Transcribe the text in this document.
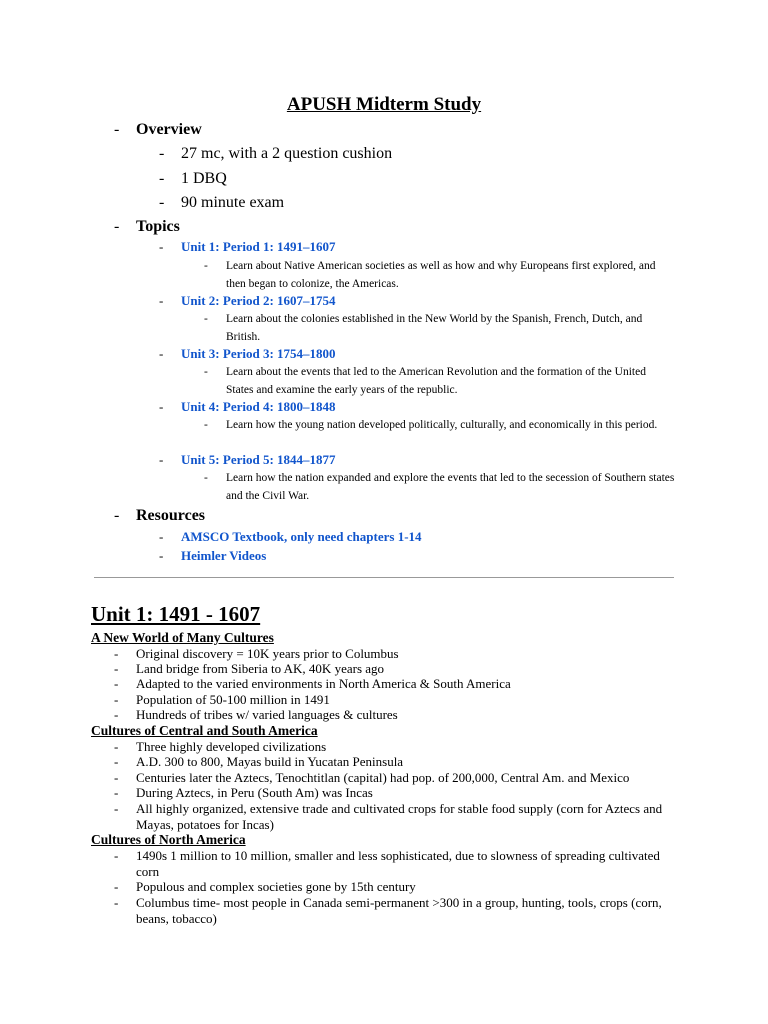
APUSH Midterm Study
- Overview
- 27 mc, with a 2 question cushion
- 1 DBQ
- 90 minute exam
- Topics
- Unit 1: Period 1: 1491–1607
- Learn about Native American societies as well as how and why Europeans first explored, and then began to colonize, the Americas.
- Unit 2: Period 2: 1607–1754
- Learn about the colonies established in the New World by the Spanish, French, Dutch, and British.
- Unit 3: Period 3: 1754–1800
- Learn about the events that led to the American Revolution and the formation of the United States and examine the early years of the republic.
- Unit 4: Period 4: 1800–1848
- Learn how the young nation developed politically, culturally, and economically in this period.
- Unit 5: Period 5: 1844–1877
- Learn how the nation expanded and explore the events that led to the secession of Southern states and the Civil War.
- Resources
- AMSCO Textbook, only need chapters 1-14
- Heimler Videos
Unit 1: 1491 - 1607
A New World of Many Cultures
- Original discovery = 10K years prior to Columbus
- Land bridge from Siberia to AK, 40K years ago
- Adapted to the varied environments in North America & South America
- Population of 50-100 million in 1491
- Hundreds of tribes w/ varied languages & cultures
Cultures of Central and South America
- Three highly developed civilizations
- A.D. 300 to 800, Mayas build in Yucatan Peninsula
- Centuries later the Aztecs, Tenochtitlan (capital) had pop. of 200,000, Central Am. and Mexico
- During Aztecs, in Peru (South Am) was Incas
- All highly organized, extensive trade and cultivated crops for stable food supply (corn for Aztecs and Mayas, potatoes for Incas)
Cultures of North America
- 1490s 1 million to 10 million, smaller and less sophisticated, due to slowness of spreading cultivated corn
- Populous and complex societies gone by 15th century
- Columbus time- most people in Canada semi-permanent >300 in a group, hunting, tools, crops (corn, beans, tobacco)
